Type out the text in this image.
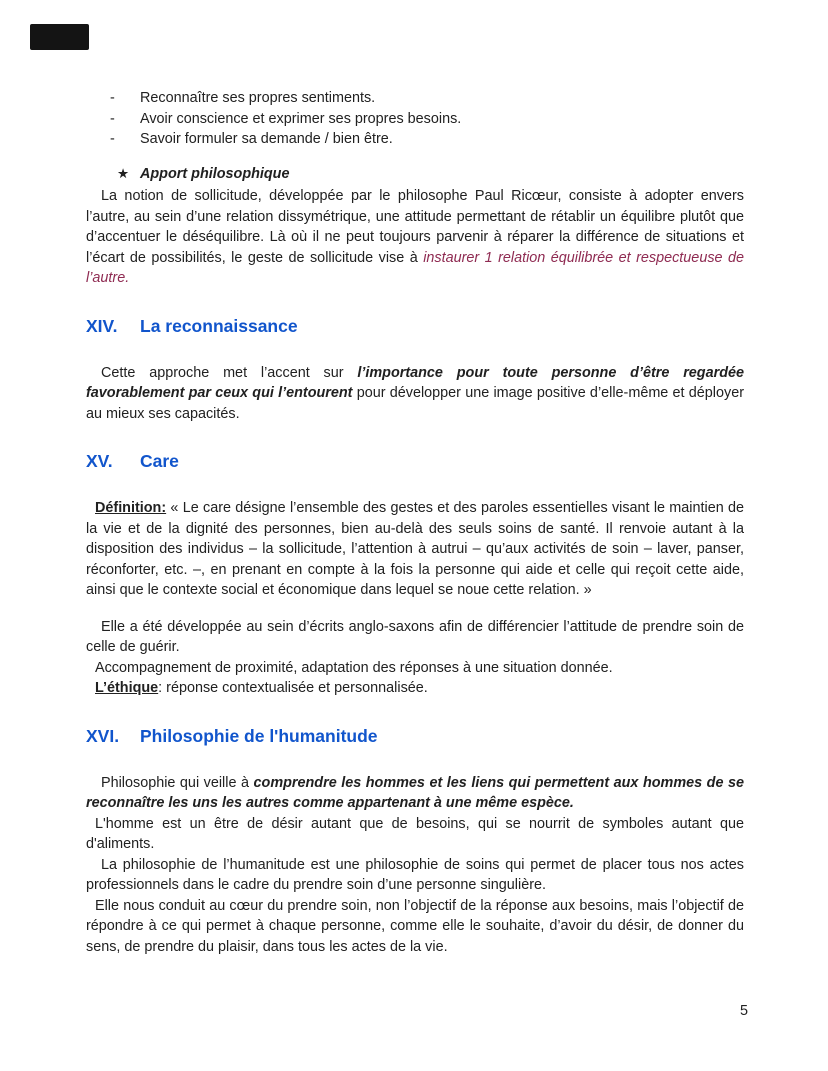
-	Reconnaître ses propres sentiments.
-	Avoir conscience et exprimer ses propres besoins.
-	Savoir formuler sa demande / bien être.

★ Apport philosophique

La notion de sollicitude, développée par le philosophe Paul Ricœur, consiste à adopter envers l’autre, au sein d’une relation dissymétrique, une attitude permettant de rétablir un équilibre plutôt que d’accentuer le déséquilibre. Là où il ne peut toujours parvenir à réparer la différence de situations et l’écart de possibilités, le geste de sollicitude vise à instaurer 1 relation équilibrée et respectueuse de l’autre.

XIV.	La reconnaissance

Cette approche met l’accent sur l’importance pour toute personne d’être regardée favorablement par ceux qui l’entourent pour développer une image positive d’elle-même et déployer au mieux ses capacités.

XV.	Care

Définition: « Le care désigne l’ensemble des gestes et des paroles essentielles visant le maintien de la vie et de la dignité des personnes, bien au-delà des seuls soins de santé. Il renvoie autant à la disposition des individus – la sollicitude, l’attention à autrui – qu’aux activités de soin – laver, panser, réconforter, etc. –, en prenant en compte à la fois la personne qui aide et celle qui reçoit cette aide, ainsi que le contexte social et économique dans lequel se noue cette relation. »

Elle a été développée au sein d’écrits anglo-saxons afin de différencier l’attitude de prendre soin de celle de guérir.

Accompagnement de proximité, adaptation des réponses à une situation donnée.

L’éthique: réponse contextualisée et personnalisée.

XVI.	Philosophie de l'humanitude

Philosophie qui veille à comprendre les hommes et les liens qui permettent aux hommes de se reconnaître les uns les autres comme appartenant à une même espèce.

L'homme est un être de désir autant que de besoins, qui se nourrit de symboles autant que d'aliments.

La philosophie de l’humanitude est une philosophie de soins qui permet de placer tous nos actes professionnels dans le cadre du prendre soin d’une personne singulière.

Elle nous conduit au cœur du prendre soin, non l’objectif de la réponse aux besoins, mais l’objectif de répondre à ce qui permet à chaque personne, comme elle le souhaite, d’avoir du désir, de donner du sens, de prendre du plaisir, dans tous les actes de la vie.

5
